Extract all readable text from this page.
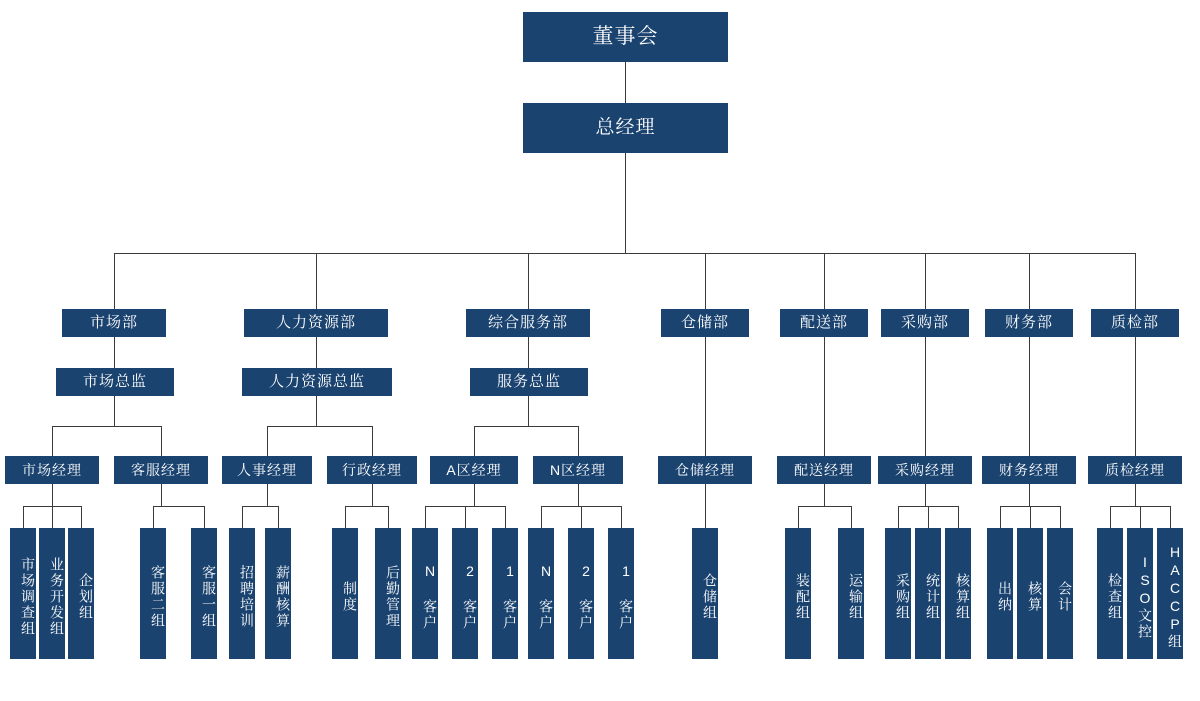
董事会
总经理
市场部	人力资源部	综合服务部	仓储部	配送部	采购部	财务部	质检部
市场总监	人力资源总监	服务总监
市场经理	客服经理	人事经理	行政经理	A区经理	N区经理	仓储经理	配送经理	采购经理	财务经理	质检经理
市场调查组 业务开发组 企划组	客服二组	客服一组	招聘培训	薪酬核算	制度	后勤管理	N 客户	2 客户	1 客户	N 客户	2 客户	1 客户	仓储组	装配组	运输组	采购组	统计组	核算组	出纳	核算	会计	检查组	ISO文控	HACCP组
